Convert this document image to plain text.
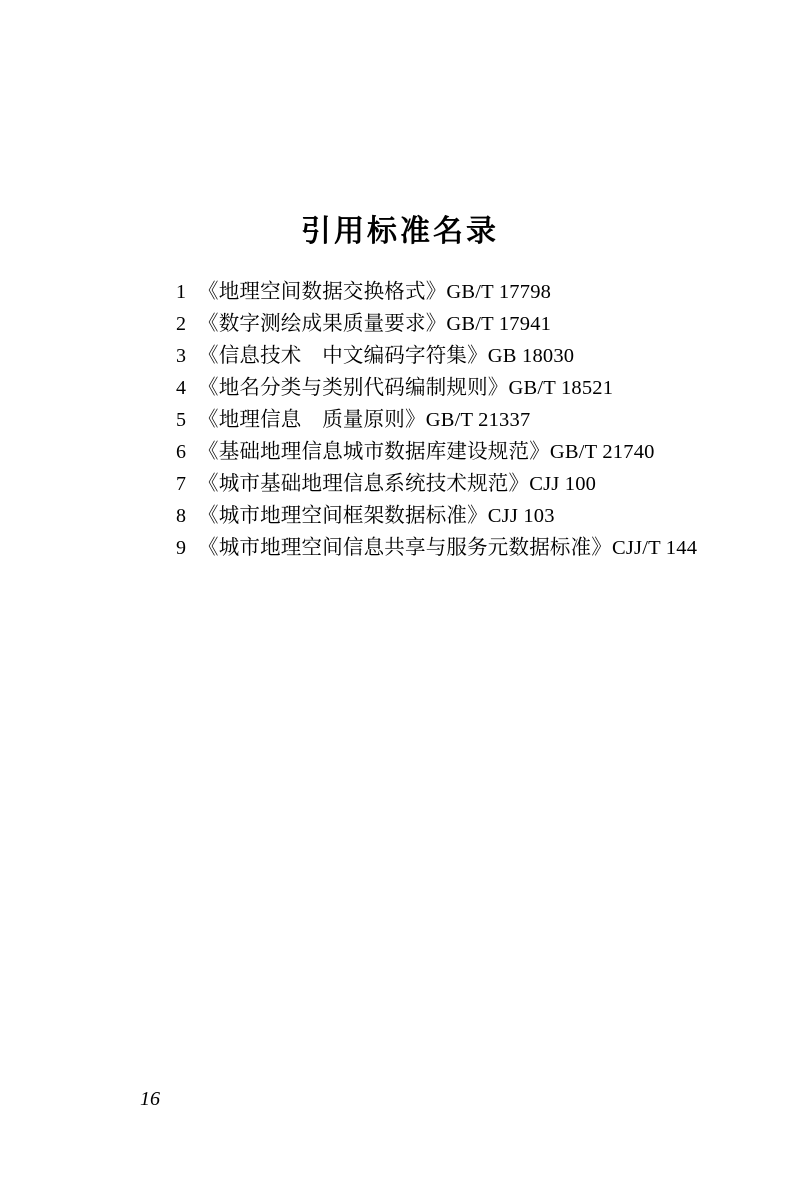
引用标准名录
1 《地理空间数据交换格式》GB/T 17798
2 《数字测绘成果质量要求》GB/T 17941
3 《信息技术　中文编码字符集》GB 18030
4 《地名分类与类别代码编制规则》GB/T 18521
5 《地理信息　质量原则》GB/T 21337
6 《基础地理信息城市数据库建设规范》GB/T 21740
7 《城市基础地理信息系统技术规范》CJJ 100
8 《城市地理空间框架数据标准》CJJ 103
9 《城市地理空间信息共享与服务元数据标准》CJJ/T 144
16
